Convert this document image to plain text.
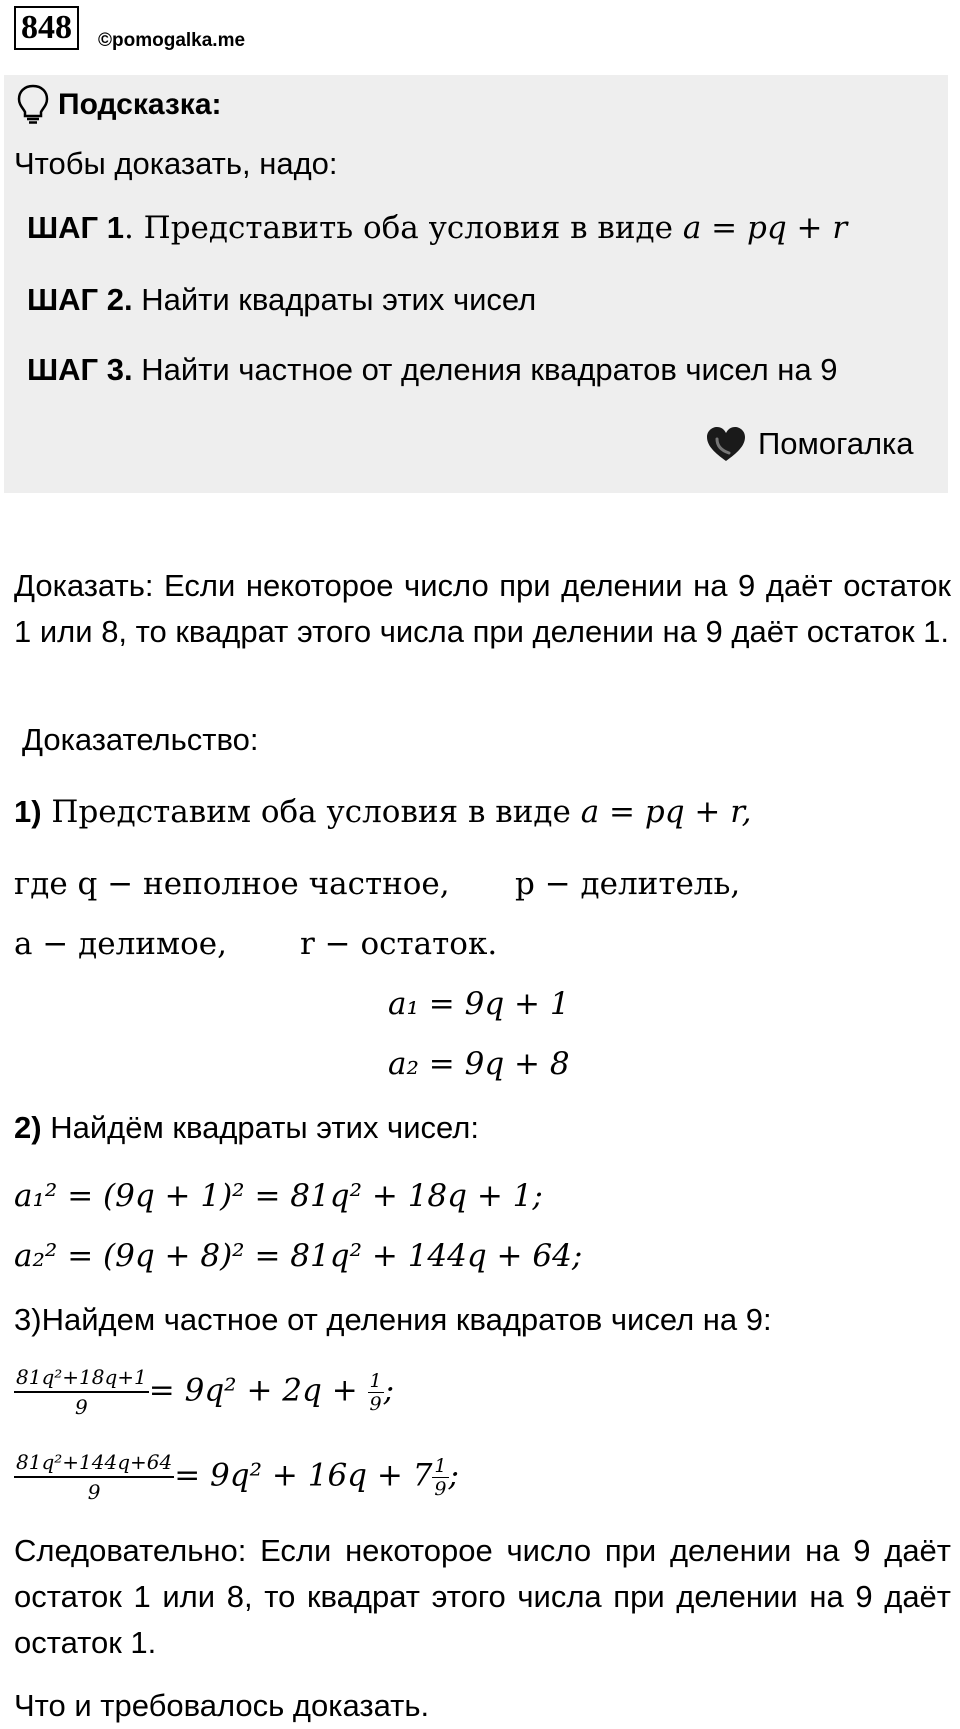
848	©pomogalka.me
Подсказка:
Чтобы доказать, надо:
ШАГ 1. Представить оба условия в виде a = pq + r
ШАГ 2. Найти квадраты этих чисел
ШАГ 3. Найти частное от деления квадратов чисел на 9
Помогалка
Доказать: Если некоторое число при делении на 9 даёт остаток 1 или 8, то квадрат этого числа при делении на 9 даёт остаток 1.
Доказательство:
1) Представим оба условия в виде a = pq + r,
где q − неполное частное, p − делитель,
a − делимое, r − остаток.
a₁ = 9q + 1
a₂ = 9q + 8
2) Найдём квадраты этих чисел:
a₁² = (9q + 1)² = 81q² + 18q + 1;
a₂² = (9q + 8)² = 81q² + 144q + 64;
3)Найдем частное от деления квадратов чисел на 9:
$\frac{\text{81q²+18q+1}}{9} = 9q^2 + 2q + \frac{1}{9}$ ;
$\frac{\text{81q²+144q+64}}{9} = 9q^2 + 16q + 7 \frac{1}{9}$ ;
Следовательно: Если некоторое число при делении на 9 даёт остаток 1 или 8, то квадрат этого числа при делении на 9 даёт остаток 1.
Что и требовалось доказать.
